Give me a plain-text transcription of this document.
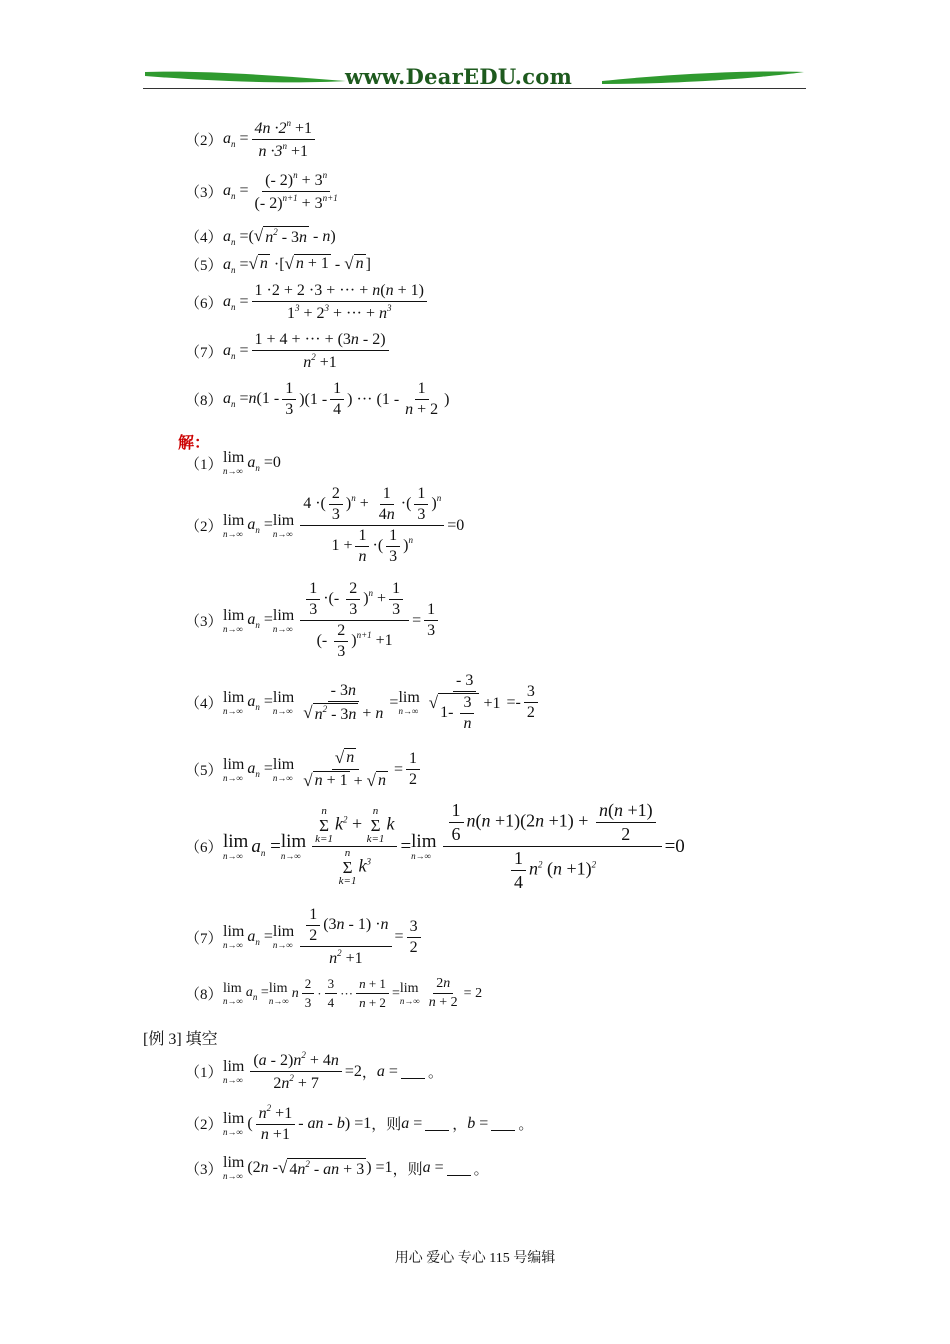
www.DearEDU.com
（2） $a_n = \frac{4n \cdot 2^n +1}{n \cdot 3^n +1}$
（3） $a_n = \frac{(- 2)^n + 3^n}{(- 2)^{n+1} + 3^{n+1}}$
（4） $a_n$ =( √ $n^2 - 3n - n$)
（5） $a_n$ = √ n ·[ √ n + 1 - √ n ]
（6） $a_n = \frac{1 \cdot 2 + 2 \cdot 3 + \cdot\cdot\cdot + n(n + 1)}{1^3 + 2^3 + \cdot\cdot\cdot + n^3}$
（7） $a_n = \frac{1 + 4 + \cdot\cdot\cdot + (3n - 2)}{n^2 +1}$
（8） $a_n =n(1 - \frac{1}{3} )(1 - \frac{1}{4}$ ) ··· ($1 - \frac{1}{n + 2}$ )
解：
（1） lim
n→∞
$a_n =0$
（2） lim
n→∞
$a_n = \lim$
$n\to\infty \frac{4 \cdot( \frac{2}{3} )^n + \frac{1}{4n} \cdot( \frac{1}{3} )^n}{1 + \frac{1}{n} \cdot( \frac{1}{3} )^n} =0$
（3） lim
n→∞
$a_n = \lim$
$n\to\infty \frac{\frac{1}{3} \cdot(- \frac{2}{3} )^n + \frac{1}{3}}{(- \frac{2}{3} )^{n+1} +1} = \frac{1}{3}$
（4） lim
n→∞
$a_n = \lim$
$n\to\infty \frac{- 3n}{√ n^2 - 3n + n} = \lim$
n→∞ - 3
√
$1- \frac{3}{n} +1 =- \frac{3}{2}$
（5） lim
n→∞
$a_n = \lim$
$n\to\infty \frac{√ n}{√ n + 1 + √ n} = \frac{1}{2}$
（6） lim
n→∞ $a_n = \lim$
n→∞ n
Σ
k=1
$k^2$ +
n
Σ
k=1
k
n
Σ
k=1
$k^3 = \lim$
$n\to\infty \frac{\frac{1}{6} n(n +1)(2n +1) + \frac{n(n +1)}{2}}{\frac{1}{4} n^2 (n +1)^2} =0$
（7） lim
n→∞
$a_n = \lim$
$n\to\infty \frac{\frac{1}{2} (3n - 1) \cdot n}{n^2 +1} = \frac{3}{2}$
（8） lim
n→∞
$a_n = \lim$
n→∞ n $\frac{2}{3} \cdot \frac{3}{4}$ ··· $\frac{n + 1}{n + 2} = \lim$
$n\to\infty \frac{2n}{n + 2} = 2$
[例 3] 填空
（1） lim
$n\to\infty \frac{(a - 2)n^2 + 4n}{2n^2 + 7} =2$ ， a = 。
（2） lim
n→∞ ( $\frac{n^2 +1}{n +1}$ - an - b) =1 ，则 a = ， b = 。
（3） lim
n→∞ (2n - √ $4n^2$ - an + 3 ) =1 ，则 a = 。
用心 爱心 专心 115 号编辑
